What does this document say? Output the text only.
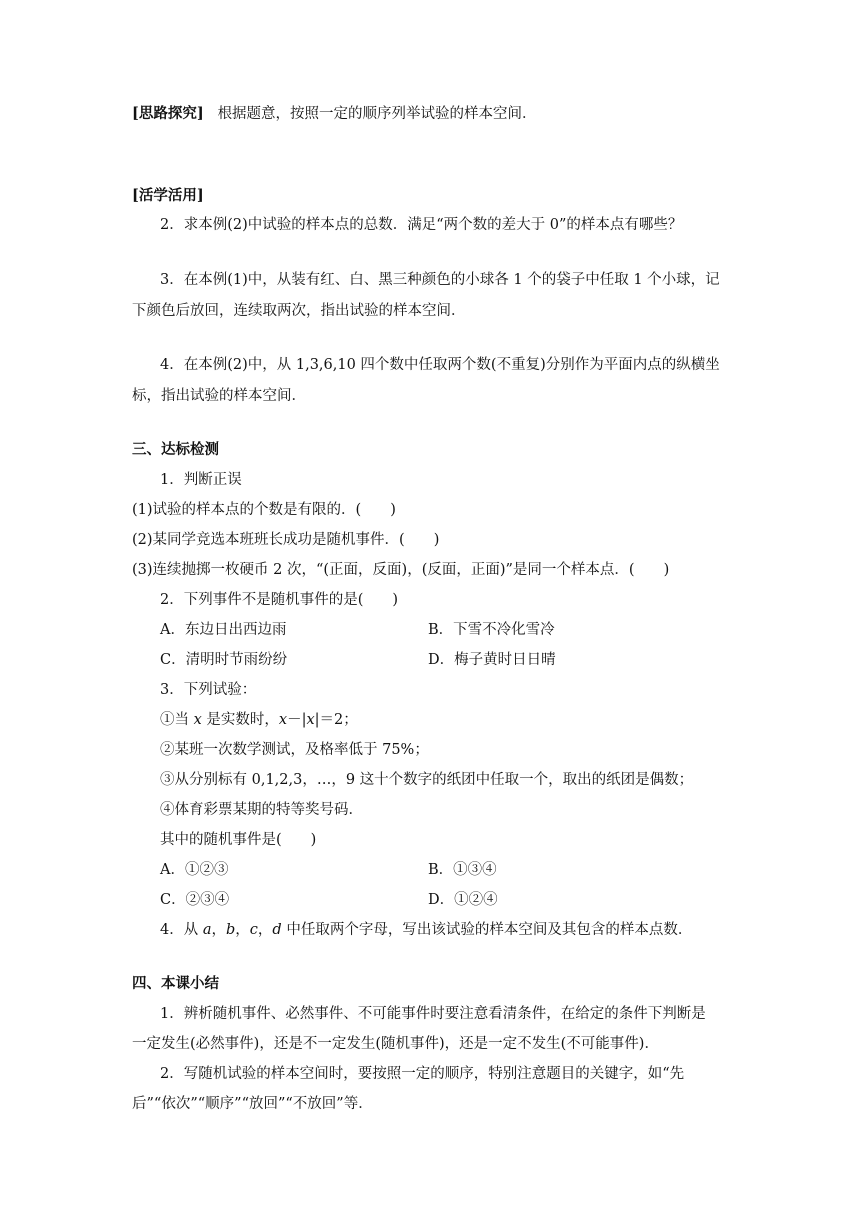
[思路探究] 根据题意，按照一定的顺序列举试验的样本空间．
[活学活用]
2．求本例(2)中试验的样本点的总数．满足“两个数的差大于 0”的样本点有哪些？
3．在本例(1)中，从装有红、白、黑三种颜色的小球各 1 个的袋子中任取 1 个小球，记
下颜色后放回，连续取两次，指出试验的样本空间．
4．在本例(2)中，从 1,3,6,10 四个数中任取两个数(不重复)分别作为平面内点的纵横坐
标，指出试验的样本空间．
三、达标检测
1．判断正误
(1)试验的样本点的个数是有限的．(　　)
(2)某同学竞选本班班长成功是随机事件．(　　)
(3)连续抛掷一枚硬币 2 次，“(正面，反面)，(反面，正面)”是同一个样本点．(　　)
2．下列事件不是随机事件的是(　　)
A．东边日出西边雨	B．下雪不冷化雪冷
C．清明时节雨纷纷	D．梅子黄时日日晴
3．下列试验：
①当 x 是实数时，x－|x|＝2；
②某班一次数学测试，及格率低于 75%；
③从分别标有 0,1,2,3，…，9 这十个数字的纸团中任取一个，取出的纸团是偶数；
④体育彩票某期的特等奖号码．
其中的随机事件是(　　)
A．①②③	B．①③④
C．②③④	D．①②④
4．从 a，b，c，d 中任取两个字母，写出该试验的样本空间及其包含的样本点数．
四、本课小结
1．辨析随机事件、必然事件、不可能事件时要注意看清条件，在给定的条件下判断是
一定发生(必然事件)，还是不一定发生(随机事件)，还是一定不发生(不可能事件)．
2．写随机试验的样本空间时，要按照一定的顺序，特别注意题目的关键字，如“先
后”“依次”“顺序”“放回”“不放回”等．
